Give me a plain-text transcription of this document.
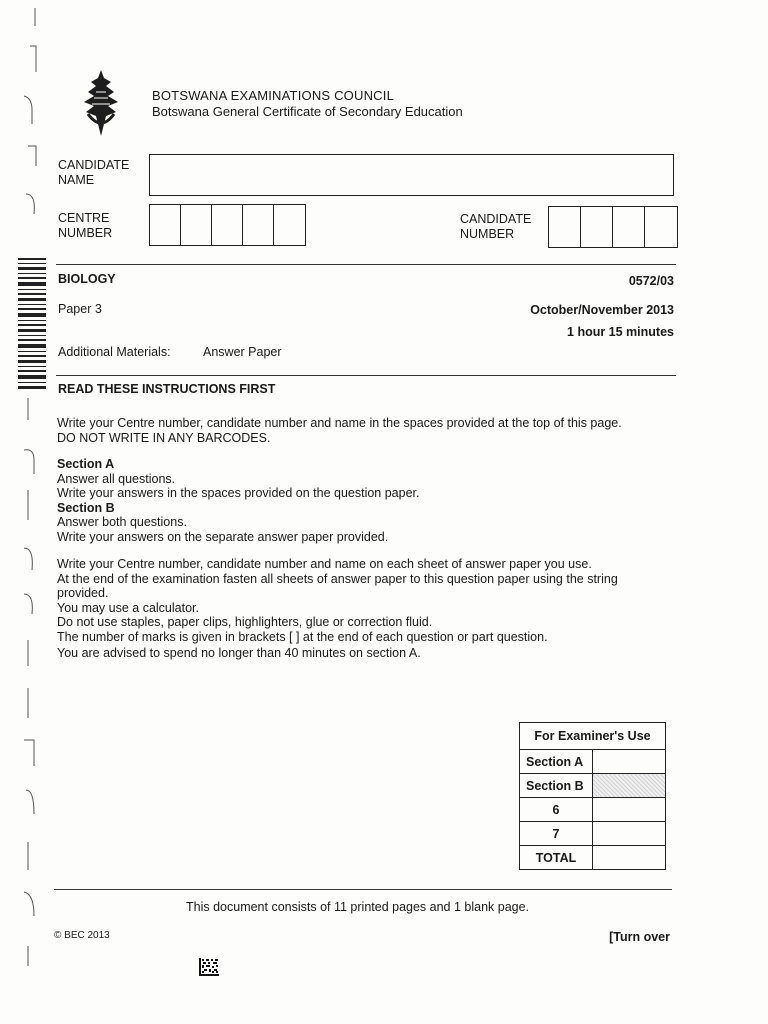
BOTSWANA EXAMINATIONS COUNCIL
Botswana General Certificate of Secondary Education
CANDIDATE
NAME
CENTRE
NUMBER
CANDIDATE
NUMBER
BIOLOGY	0572/03
Paper 3	October/November 2013
1 hour 15 minutes
Additional Materials:	Answer Paper
READ THESE INSTRUCTIONS FIRST

Write your Centre number, candidate number and name in the spaces provided at the top of this page.

DO NOT WRITE IN ANY BARCODES.

Section A

Answer all questions.

Write your answers in the spaces provided on the question paper.

Section B

Answer both questions.

Write your answers on the separate answer paper provided.

Write your Centre number, candidate number and name on each sheet of answer paper you use.

At the end of the examination fasten all sheets of answer paper to this question paper using the string

provided.

You may use a calculator.

Do not use staples, paper clips, highlighters, glue or correction fluid.

The number of marks is given in brackets [ ] at the end of each question or part question.

You are advised to spend no longer than 40 minutes on section A.

For Examiner's Use	
Section A	
Section B	
6	
7	
TOTAL	
This document consists of 11 printed pages and 1 blank page.
© BEC 2013	[Turn over
